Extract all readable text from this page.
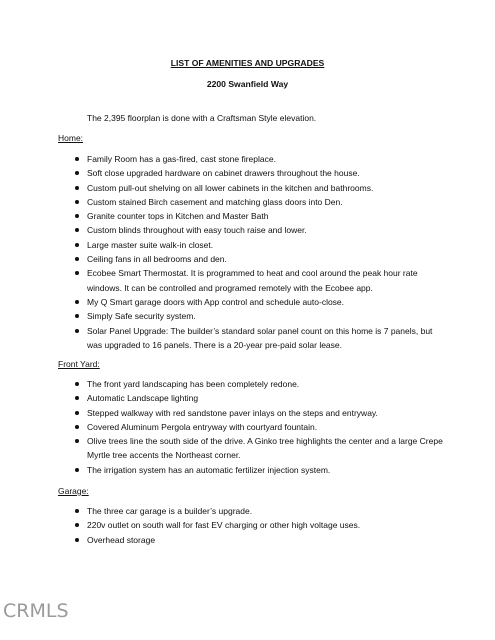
LIST OF AMENITIES AND UPGRADES
2200 Swanfield Way
The 2,395 floorplan is done with a Craftsman Style elevation.
Home:
Family Room has a gas-fired, cast stone fireplace.
Soft close upgraded hardware on cabinet drawers throughout the house.
Custom pull-out shelving on all lower cabinets in the kitchen and bathrooms.
Custom stained Birch casement and matching glass doors into Den.
Granite counter tops in Kitchen and Master Bath
Custom blinds throughout with easy touch raise and lower.
Large master suite walk-in closet.
Ceiling fans in all bedrooms and den.
Ecobee Smart Thermostat. It is programmed to heat and cool around the peak hour rate windows. It can be controlled and programed remotely with the Ecobee app.
My Q Smart garage doors with App control and schedule auto-close.
Simply Safe security system.
Solar Panel Upgrade: The builder’s standard solar panel count on this home is 7 panels, but was upgraded to 16 panels. There is a 20-year pre-paid solar lease.
Front Yard:
The front yard landscaping has been completely redone.
Automatic Landscape lighting
Stepped walkway with red sandstone paver inlays on the steps and entryway.
Covered Aluminum Pergola entryway with courtyard fountain.
Olive trees line the south side of the drive. A Ginko tree highlights the center and a large Crepe Myrtle tree accents the Northeast corner.
The irrigation system has an automatic fertilizer injection system.
Garage:
The three car garage is a builder’s upgrade.
220v outlet on south wall for fast EV charging or other high voltage uses.
Overhead storage
CRMLS
